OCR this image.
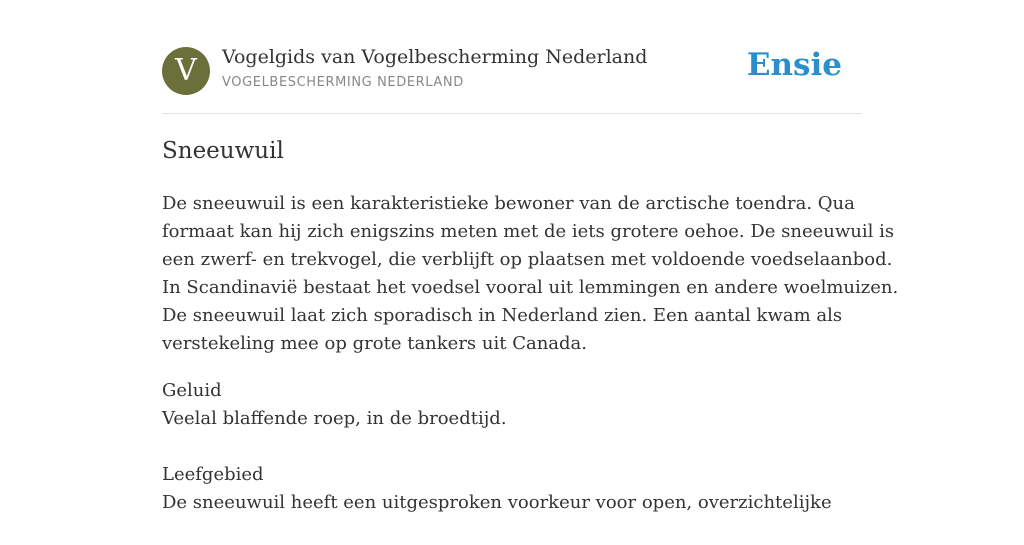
V	Vogelgids van Vogelbescherming Nederland
VOGELBESCHERMING NEDERLAND	Ensie
Sneeuwuil

De sneeuwuil is een karakteristieke bewoner van de arctische toendra. Qua
formaat kan hij zich enigszins meten met de iets grotere oehoe. De sneeuwuil is
een zwerf- en trekvogel, die verblijft op plaatsen met voldoende voedselaanbod.
In Scandinavië bestaat het voedsel vooral uit lemmingen en andere woelmuizen.
De sneeuwuil laat zich sporadisch in Nederland zien. Een aantal kwam als
verstekeling mee op grote tankers uit Canada.

Geluid
Veelal blaffende roep, in de broedtijd.

Leefgebied
De sneeuwuil heeft een uitgesproken voorkeur voor open, overzichtelijke
